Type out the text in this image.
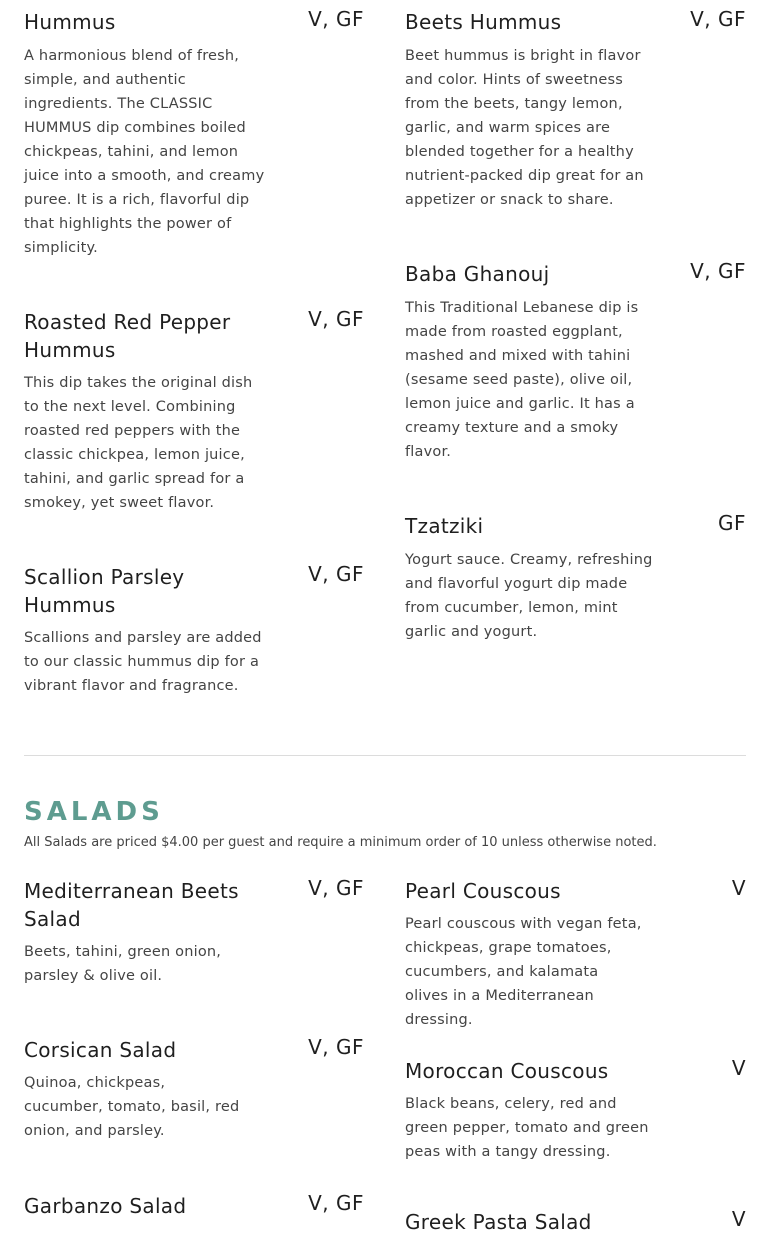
Hummus	V, GF
A harmonious blend of fresh, simple, and authentic ingredients. The CLASSIC HUMMUS dip combines boiled chickpeas, tahini, and lemon juice into a smooth, and creamy puree. It is a rich, flavorful dip that highlights the power of simplicity.
Roasted Red Pepper Hummus
V, GF
This dip takes the original dish to the next level. Combining roasted red peppers with the classic chickpea, lemon juice, tahini, and garlic spread for a smokey, yet sweet flavor.
Scallion Parsley Hummus
V, GF
Scallions and parsley are added to our classic hummus dip for a vibrant flavor and fragrance.
Beets Hummus	V, GF
Beet hummus is bright in flavor and color. Hints of sweetness from the beets, tangy lemon, garlic, and warm spices are blended together for a healthy nutrient-packed dip great for an appetizer or snack to share.
Baba Ghanouj	V, GF
This Traditional Lebanese dip is made from roasted eggplant, mashed and mixed with tahini (sesame seed paste), olive oil, lemon juice and garlic. It has a creamy texture and a smoky flavor.
Tzatziki	GF
Yogurt sauce. Creamy, refreshing and flavorful yogurt dip made from cucumber, lemon, mint garlic and yogurt.
SALADS
All Salads are priced $4.00 per guest and require a minimum order of 10 unless otherwise noted.
Mediterranean Beets Salad
V, GF
Beets, tahini, green onion, parsley & olive oil.
Corsican Salad	V, GF
Quinoa, chickpeas, cucumber, tomato, basil, red onion, and parsley.
Garbanzo Salad	V, GF
Pearl Couscous	V
Pearl couscous with vegan feta, chickpeas, grape tomatoes, cucumbers, and kalamata olives in a Mediterranean dressing.
Moroccan Couscous	V
Black beans, celery, red and green pepper, tomato and green peas with a tangy dressing.
Greek Pasta Salad	V
